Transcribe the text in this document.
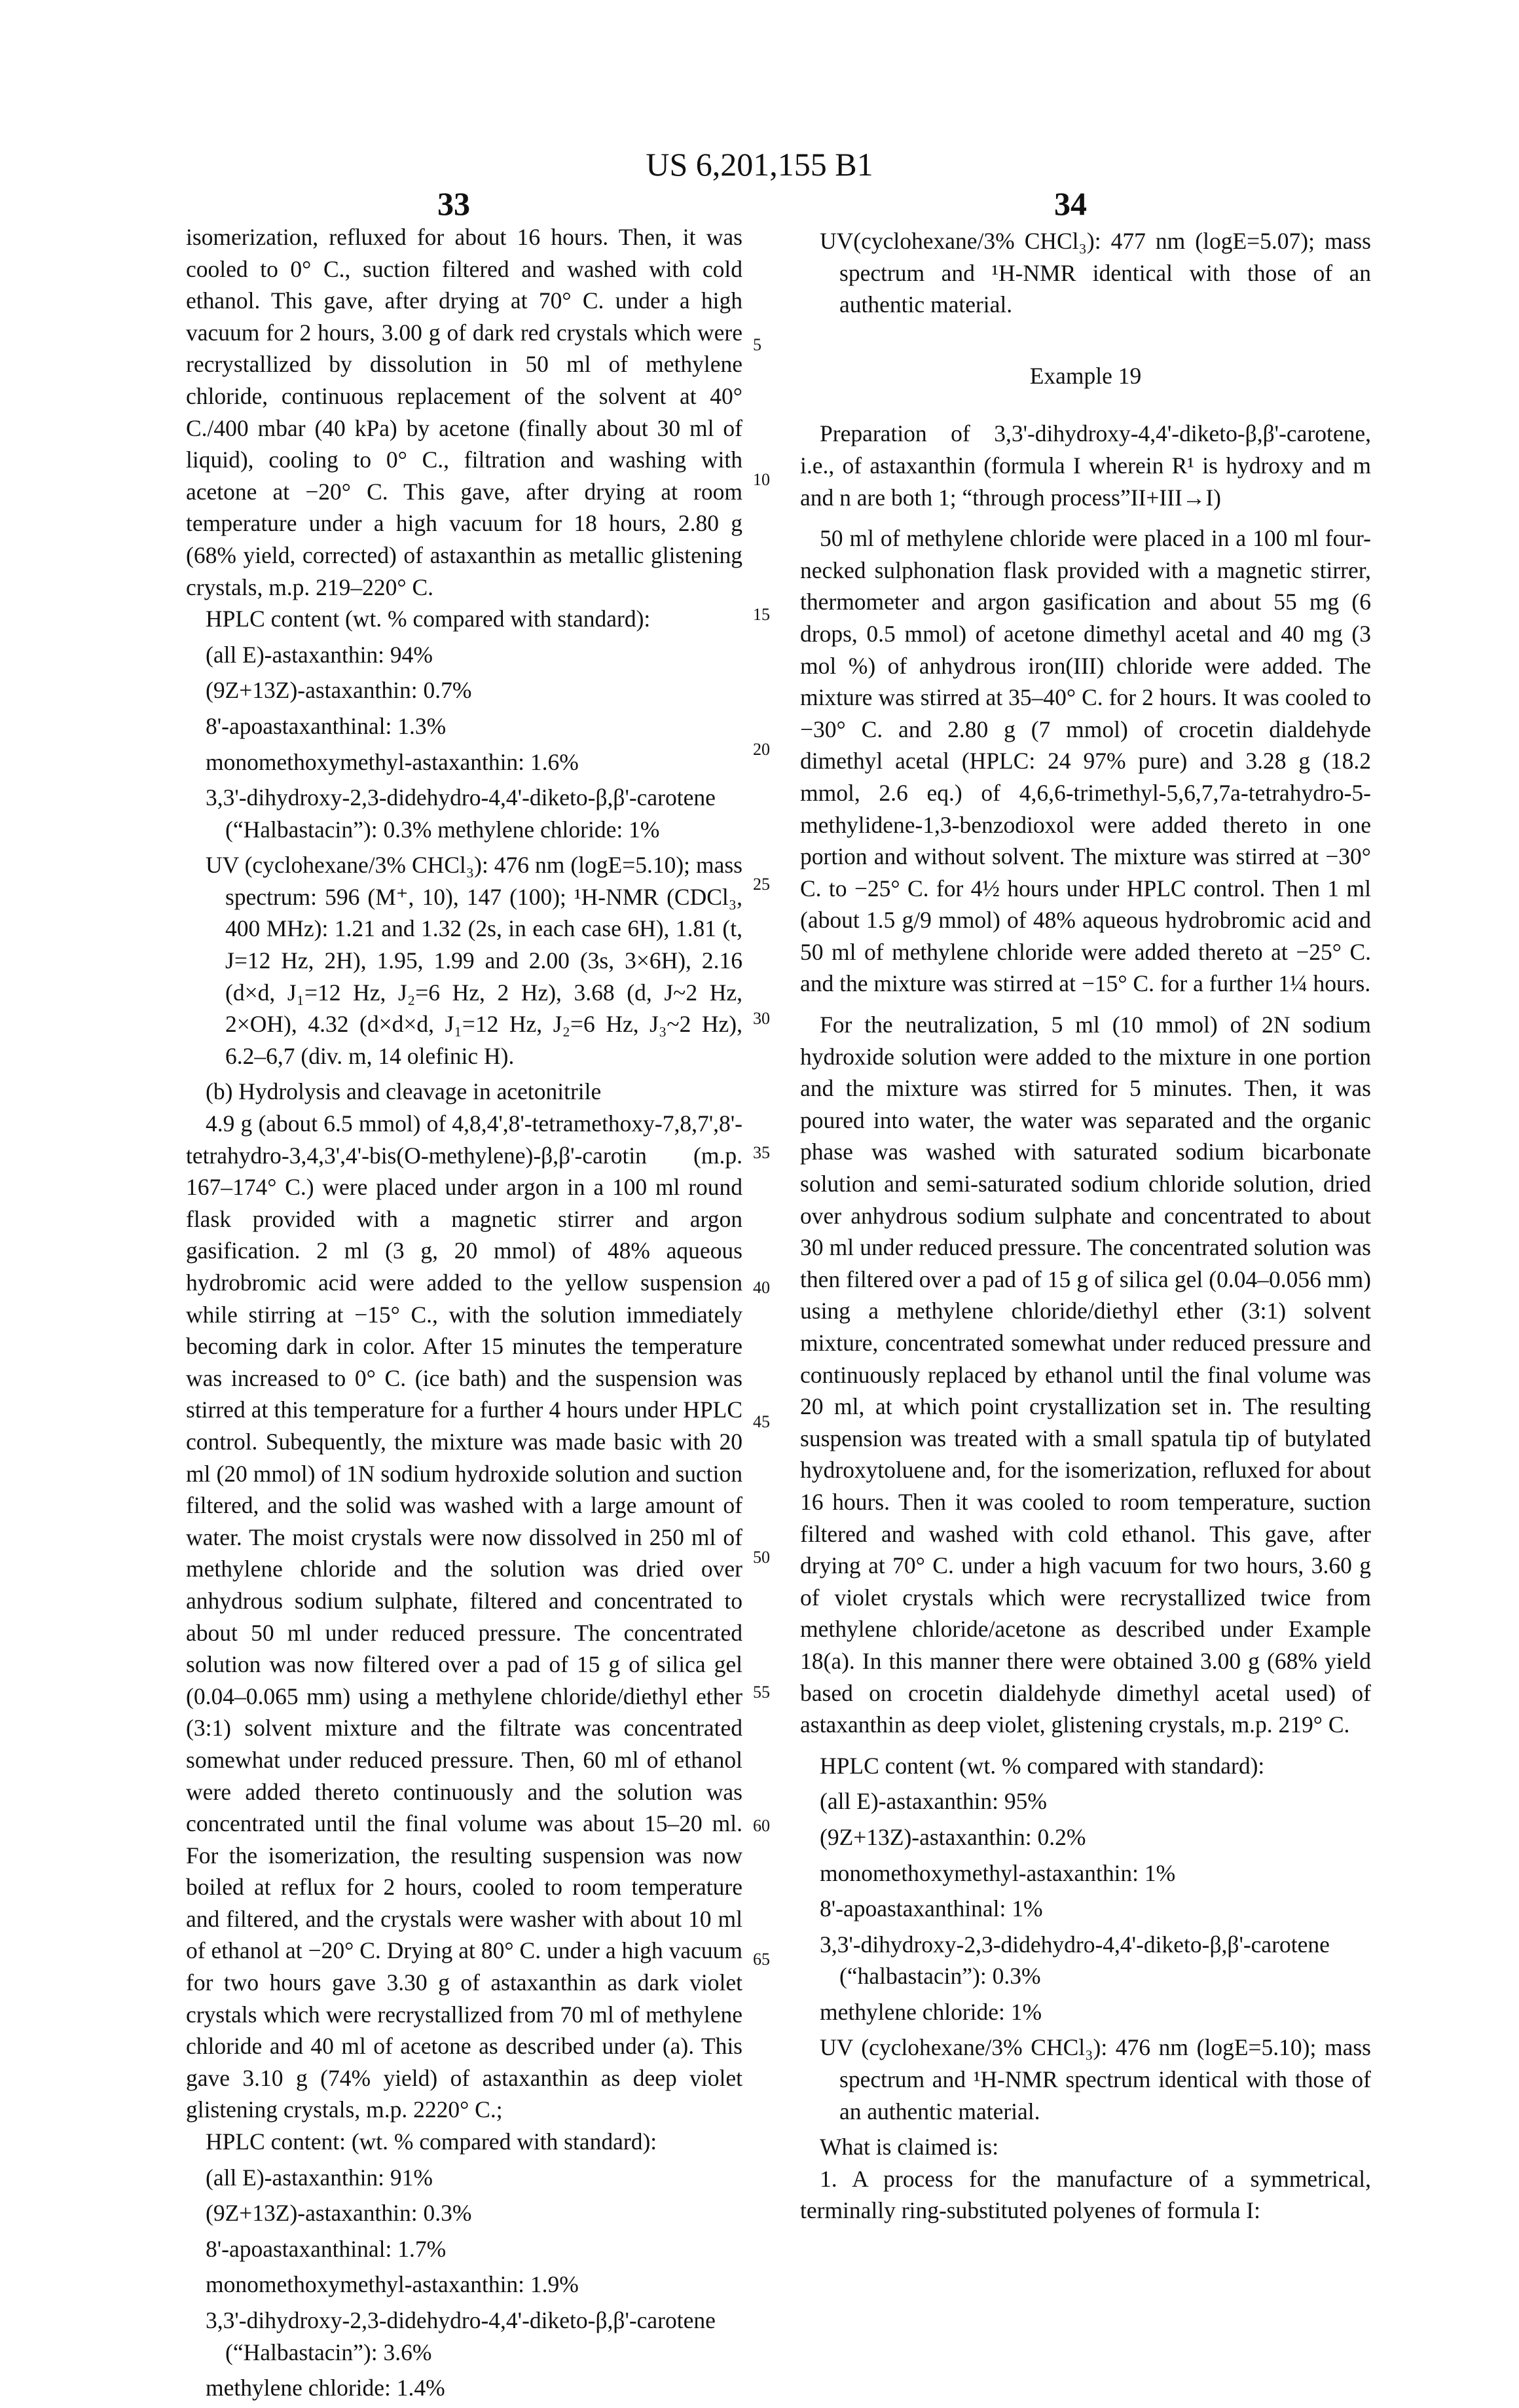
US 6,201,155 B1
33	34
5
10
15
20
25
30
35
40
45
50
55
60
65

isomerization, refluxed for about 16 hours. Then, it was cooled to 0° C., suction filtered and washed with cold ethanol. This gave, after drying at 70° C. under a high vacuum for 2 hours, 3.00 g of dark red crystals which were recrystallized by dissolution in 50 ml of methylene chloride, continuous replacement of the solvent at 40° C./400 mbar (40 kPa) by acetone (finally about 30 ml of liquid), cooling to 0° C., filtration and washing with acetone at −20° C. This gave, after drying at room temperature under a high vacuum for 18 hours, 2.80 g (68% yield, corrected) of astaxanthin as metallic glistening crystals, m.p. 219–220° C.

HPLC content (wt. % compared with standard):

(all E)-astaxanthin: 94%

(9Z+13Z)-astaxanthin: 0.7%

8'-apoastaxanthinal: 1.3%

monomethoxymethyl-astaxanthin: 1.6%

3,3'-dihydroxy-2,3-didehydro-4,4'-diketo-β,β'-carotene (“Halbastacin”): 0.3% methylene chloride: 1%

UV (cyclohexane/3% CHCl₃): 476 nm (logE=5.10); mass spectrum: 596 (M⁺, 10), 147 (100); ¹H-NMR (CDCl₃, 400 MHz): 1.21 and 1.32 (2s, in each case 6H), 1.81 (t, J=12 Hz, 2H), 1.95, 1.99 and 2.00 (3s, 3×6H), 2.16 (d×d, J₁=12 Hz, J₂=6 Hz, 2 Hz), 3.68 (d, J~2 Hz, 2×OH), 4.32 (d×d×d, J₁=12 Hz, J₂=6 Hz, J₃~2 Hz), 6.2–6,7 (div. m, 14 olefinic H).

(b) Hydrolysis and cleavage in acetonitrile

4.9 g (about 6.5 mmol) of 4,8,4',8'-tetramethoxy-7,8,7',8'-tetrahydro-3,4,3',4'-bis(O-methylene)-β,β'-carotin (m.p. 167–174° C.) were placed under argon in a 100 ml round flask provided with a magnetic stirrer and argon gasification. 2 ml (3 g, 20 mmol) of 48% aqueous hydrobromic acid were added to the yellow suspension while stirring at −15° C., with the solution immediately becoming dark in color. After 15 minutes the temperature was increased to 0° C. (ice bath) and the suspension was stirred at this temperature for a further 4 hours under HPLC control. Subequently, the mixture was made basic with 20 ml (20 mmol) of 1N sodium hydroxide solution and suction filtered, and the solid was washed with a large amount of water. The moist crystals were now dissolved in 250 ml of methylene chloride and the solution was dried over anhydrous sodium sulphate, filtered and concentrated to about 50 ml under reduced pressure. The concentrated solution was now filtered over a pad of 15 g of silica gel (0.04–0.065 mm) using a methylene chloride/diethyl ether (3:1) solvent mixture and the filtrate was concentrated somewhat under reduced pressure. Then, 60 ml of ethanol were added thereto continuously and the solution was concentrated until the final volume was about 15–20 ml. For the isomerization, the resulting suspension was now boiled at reflux for 2 hours, cooled to room temperature and filtered, and the crystals were washer with about 10 ml of ethanol at −20° C. Drying at 80° C. under a high vacuum for two hours gave 3.30 g of astaxanthin as dark violet crystals which were recrystallized from 70 ml of methylene chloride and 40 ml of acetone as described under (a). This gave 3.10 g (74% yield) of astaxanthin as deep violet glistening crystals, m.p. 2220° C.;

HPLC content: (wt. % compared with standard):

(all E)-astaxanthin: 91%

(9Z+13Z)-astaxanthin: 0.3%

8'-apoastaxanthinal: 1.7%

monomethoxymethyl-astaxanthin: 1.9%

3,3'-dihydroxy-2,3-didehydro-4,4'-diketo-β,β'-carotene (“Halbastacin”): 3.6%

methylene chloride: 1.4%

UV(cyclohexane/3% CHCl₃): 477 nm (logE=5.07); mass spectrum and ¹H-NMR identical with those of an authentic material.

Example 19

Preparation of 3,3'-dihydroxy-4,4'-diketo-β,β'-carotene, i.e., of astaxanthin (formula I wherein R¹ is hydroxy and m and n are both 1; “through process”II+III→I)

50 ml of methylene chloride were placed in a 100 ml four-necked sulphonation flask provided with a magnetic stirrer, thermometer and argon gasification and about 55 mg (6 drops, 0.5 mmol) of acetone dimethyl acetal and 40 mg (3 mol %) of anhydrous iron(III) chloride were added. The mixture was stirred at 35–40° C. for 2 hours. It was cooled to −30° C. and 2.80 g (7 mmol) of crocetin dialdehyde dimethyl acetal (HPLC: 24 97% pure) and 3.28 g (18.2 mmol, 2.6 eq.) of 4,6,6-trimethyl-5,6,7,7a-tetrahydro-5-methylidene-1,3-benzodioxol were added thereto in one portion and without solvent. The mixture was stirred at −30° C. to −25° C. for 4½ hours under HPLC control. Then 1 ml (about 1.5 g/9 mmol) of 48% aqueous hydrobromic acid and 50 ml of methylene chloride were added thereto at −25° C. and the mixture was stirred at −15° C. for a further 1¼ hours.

For the neutralization, 5 ml (10 mmol) of 2N sodium hydroxide solution were added to the mixture in one portion and the mixture was stirred for 5 minutes. Then, it was poured into water, the water was separated and the organic phase was washed with saturated sodium bicarbonate solution and semi-saturated sodium chloride solution, dried over anhydrous sodium sulphate and concentrated to about 30 ml under reduced pressure. The concentrated solution was then filtered over a pad of 15 g of silica gel (0.04–0.056 mm) using a methylene chloride/diethyl ether (3:1) solvent mixture, concentrated somewhat under reduced pressure and continuously replaced by ethanol until the final volume was 20 ml, at which point crystallization set in. The resulting suspension was treated with a small spatula tip of butylated hydroxytoluene and, for the isomerization, refluxed for about 16 hours. Then it was cooled to room temperature, suction filtered and washed with cold ethanol. This gave, after drying at 70° C. under a high vacuum for two hours, 3.60 g of violet crystals which were recrystallized twice from methylene chloride/acetone as described under Example 18(a). In this manner there were obtained 3.00 g (68% yield based on crocetin dialdehyde dimethyl acetal used) of astaxanthin as deep violet, glistening crystals, m.p. 219° C.

HPLC content (wt. % compared with standard):

(all E)-astaxanthin: 95%

(9Z+13Z)-astaxanthin: 0.2%

monomethoxymethyl-astaxanthin: 1%

8'-apoastaxanthinal: 1%

3,3'-dihydroxy-2,3-didehydro-4,4'-diketo-β,β'-carotene (“halbastacin”): 0.3%

methylene chloride: 1%

UV (cyclohexane/3% CHCl₃): 476 nm (logE=5.10); mass spectrum and ¹H-NMR spectrum identical with those of an authentic material.

What is claimed is:

1. A process for the manufacture of a symmetrical, terminally ring-substituted polyenes of formula I:
